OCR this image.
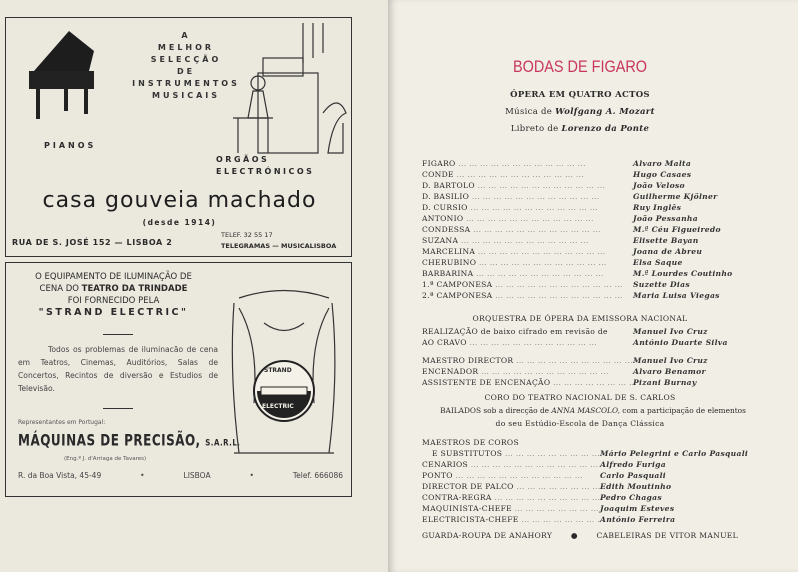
A
MELHOR
SELECÇÃO
DE
INSTRUMENTOS
MUSICAIS
PIANOS
ORGÃOS
ELECTRÓNICOS
casa gouveia machado
(desde 1914)
RUA DE S. JOSÉ 152 — LISBOA 2
TELEF. 32 55 17
TELEGRAMAS — MUSICALISBOA
O EQUIPAMENTO DE ILUMINAÇÃO DE
CENA DO TEATRO DA TRINDADE
FOI FORNECIDO PELA
"STRAND ELECTRIC"
Todos os problemas de iluminacão de cena em Teatros, Cinemas, Auditórios, Salas de Concertos, Recintos de diversão e Estudios de Televisão.
Representantes em Portugal:
MÁQUINAS DE PRECISÃO, S.A.R.L.
(Eng.º J. d'Arriaga de Tavares)
R. da Boa Vista, 45-49	•	LISBOA	•	Telef. 666086
STRAND
ELECTRIC
BODAS DE FIGARO
ÓPERA EM QUATRO ACTOS
Música de Wolfgang A. Mozart
Libreto de Lorenzo da Ponte
FIGARO ... .	Alvaro Malta
CONDE ... .	Hugo Casaes
D. BARTOLO ... .	João Veloso
D. BASILIO ... .	Guilherme Kjölner
D. CURSIO ... .	Ruy Inglês
ANTONIO ... .	João Pessanha
CONDESSA ... .	M.ª Céu Figueiredo
SUZANA ... .	Elisette Bayan
MARCELINA ... .	Joana de Abreu
CHERUBINO ... .	Elsa Saque
BARBARINA ... .	M.ª Lourdes Coutinho
1.ª CAMPONESA ... .	Suzette Dias
2.ª CAMPONESA ... .	Maria Luisa Viegas
ORQUESTRA DE ÓPERA DA EMISSORA NACIONAL
REALIZAÇÃO de baixo cifrado em revisão de	Manuel Ivo Cruz
AO CRAVO ... .	António Duarte Silva
MAESTRO DIRECTOR ... .	Manuel Ivo Cruz
ENCENADOR ... .	Alvaro Benamor
ASSISTENTE DE ENCENAÇÃO ... .	Pizani Burnay
CORO DO TEATRO NACIONAL DE S. CARLOS
BAILADOS sob a direcção de ANNA MASCOLO, com a participação de elementos
do seu Estúdio-Escola de Dança Clássica
MAESTROS DE COROS
E SUBSTITUTOS ... .	Mário Pelegrini e Carlo Pasquali
CENARIOS ... .	Alfredo Furiga
PONTO ... .	Carlo Pasquali
DIRECTOR DE PALCO ... .	Edith Moutinho
CONTRA-REGRA ... .	Pedro Chagas
MAQUINISTA-CHEFE ... .	Joaquim Esteves
ELECTRICISTA-CHEFE ... .	António Ferreira
GUARDA-ROUPA DE ANAHORY ● CABELEIRAS DE VITOR MANUEL
